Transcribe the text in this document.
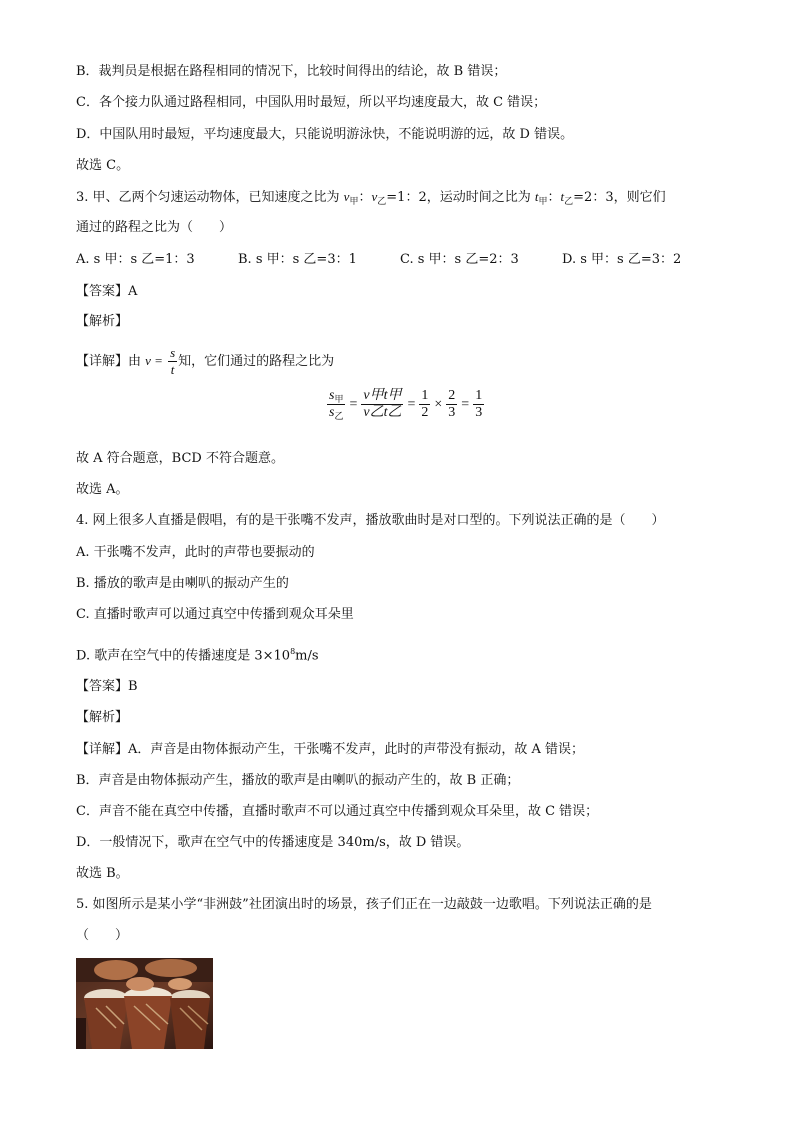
B．裁判员是根据在路程相同的情况下，比较时间得出的结论，故 B 错误；
C．各个接力队通过路程相同，中国队用时最短，所以平均速度最大，故 C 错误；
D．中国队用时最短，平均速度最大，只能说明游泳快，不能说明游的远，故 D 错误。
故选 C。
3. 甲、乙两个匀速运动物体，已知速度之比为 $v_甲$：$v_乙=1$：2，运动时间之比为 $t_甲$：$t_乙=2$：3，则它们
通过的路程之比为（　　）
A. s 甲：s 乙=1：3	B. s 甲：s 乙=3：1	C. s 甲：s 乙=2：3	D. s 甲：s 乙=3：2
【答案】A
【解析】
【详解】由 $v = \frac{s}{t}$ 知，它们通过的路程之比为
$\frac{s_甲}{s_乙} = \frac{\text{v甲t甲}}{\text{v乙t乙}} = \frac{1}{2} \times \frac{2}{3} = \frac{1}{3}$
故 A 符合题意，BCD 不符合题意。
故选 A。
4. 网上很多人直播是假唱，有的是干张嘴不发声，播放歌曲时是对口型的。下列说法正确的是（　　）
A. 干张嘴不发声，此时的声带也要振动的
B. 播放的歌声是由喇叭的振动产生的
C. 直播时歌声可以通过真空中传播到观众耳朵里
D. 歌声在空气中的传播速度是 $3\times 10^8m/s$
【答案】B
【解析】
【详解】A．声音是由物体振动产生，干张嘴不发声，此时的声带没有振动，故 A 错误；
B．声音是由物体振动产生，播放的歌声是由喇叭的振动产生的，故 B 正确；
C．声音不能在真空中传播，直播时歌声不可以通过真空中传播到观众耳朵里，故 C 错误；
D．一般情况下，歌声在空气中的传播速度是 340m/s，故 D 错误。
故选 B。
5. 如图所示是某小学“非洲鼓”社团演出时的场景，孩子们正在一边敲鼓一边歌唱。下列说法正确的是
（　　）
